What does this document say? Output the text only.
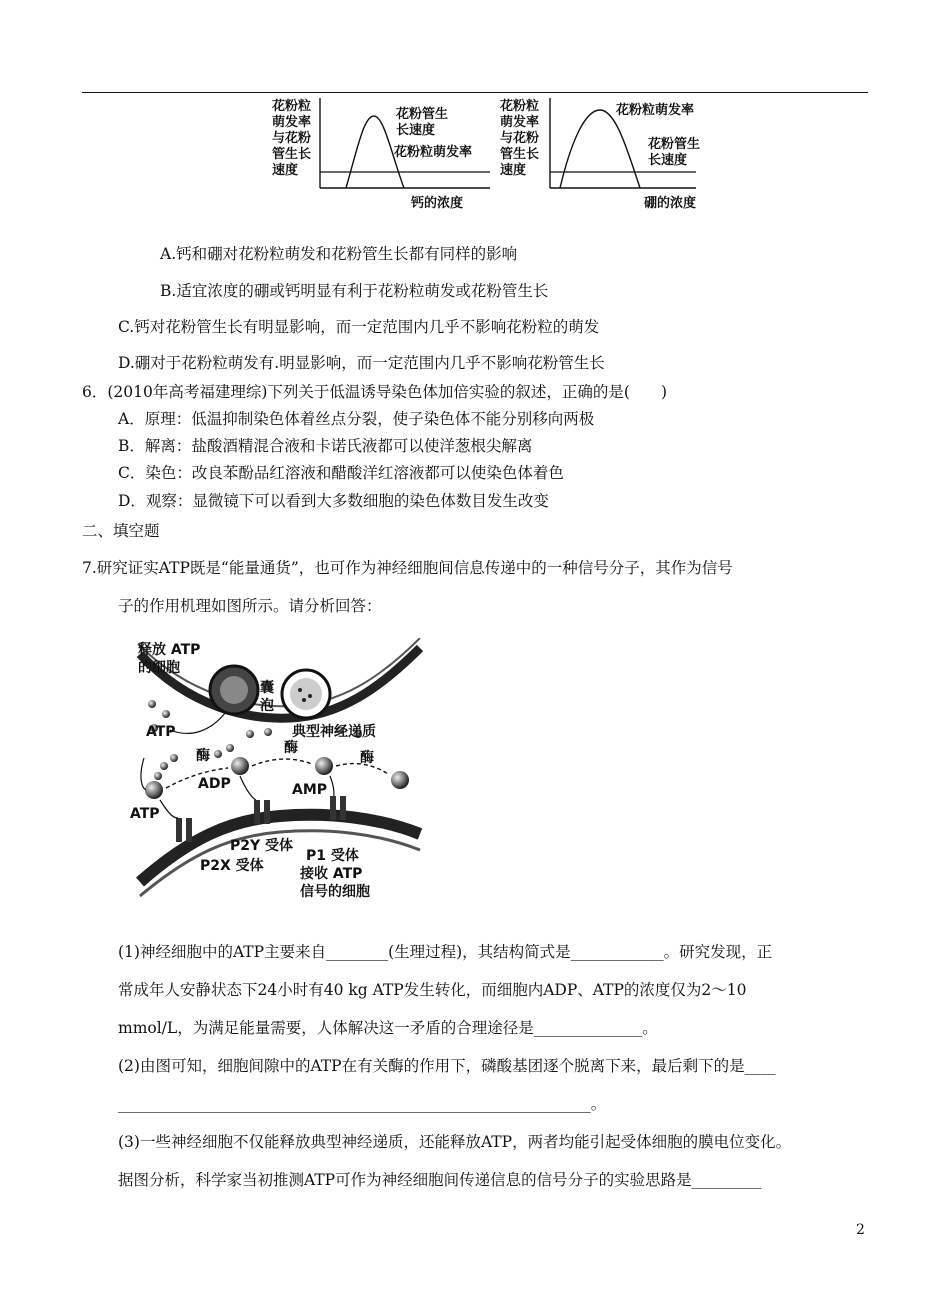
花粉粒
萌发率
与花粉
管生长
速度
花粉管生
长速度
花粉粒萌发率
钙的浓度
花粉粒
萌发率
与花粉
管生长
速度
花粉粒萌发率
花粉管生
长速度
硼的浓度
A.钙和硼对花粉粒萌发和花粉管生长都有同样的影响
B.适宜浓度的硼或钙明显有利于花粉粒萌发或花粉管生长
C.钙对花粉管生长有明显影响，而一定范围内几乎不影响花粉粒的萌发
D.硼对于花粉粒萌发有.明显影响，而一定范围内几乎不影响花粉管生长
6．(2010年高考福建理综)下列关于低温诱导染色体加倍实验的叙述，正确的是(　　)
A．原理：低温抑制染色体着丝点分裂，使子染色体不能分别移向两极
B．解离：盐酸酒精混合液和卡诺氏液都可以使洋葱根尖解离
C．染色：改良苯酚品红溶液和醋酸洋红溶液都可以使染色体着色
D．观察：显微镜下可以看到大多数细胞的染色体数目发生改变
二、填空题
7.研究证实ATP既是“能量通货”，也可作为神经细胞间信息传递中的一种信号分子，其作为信号
子的作用机理如图所示。请分析回答：
释放 ATP
的细胞
囊
泡
ATP	典型神经递质
酶	酶
酶
ADP	AMP
ATP
P2Y 受体
P2X 受体
P1 受体
接收 ATP
信号的细胞
(1)神经细胞中的ATP主要来自________(生理过程)，其结构简式是____________。研究发现，正
常成年人安静状态下24小时有40 kg ATP发生转化，而细胞内ADP、ATP的浓度仅为2～10
mmol/L，为满足能量需要，人体解决这一矛盾的合理途径是______________。
(2)由图可知，细胞间隙中的ATP在有关酶的作用下，磷酸基团逐个脱离下来，最后剩下的是____
_____________________________________________________________。
(3)一些神经细胞不仅能释放典型神经递质，还能释放ATP，两者均能引起受体细胞的膜电位变化。
据图分析，科学家当初推测ATP可作为神经细胞间传递信息的信号分子的实验思路是_________
2
